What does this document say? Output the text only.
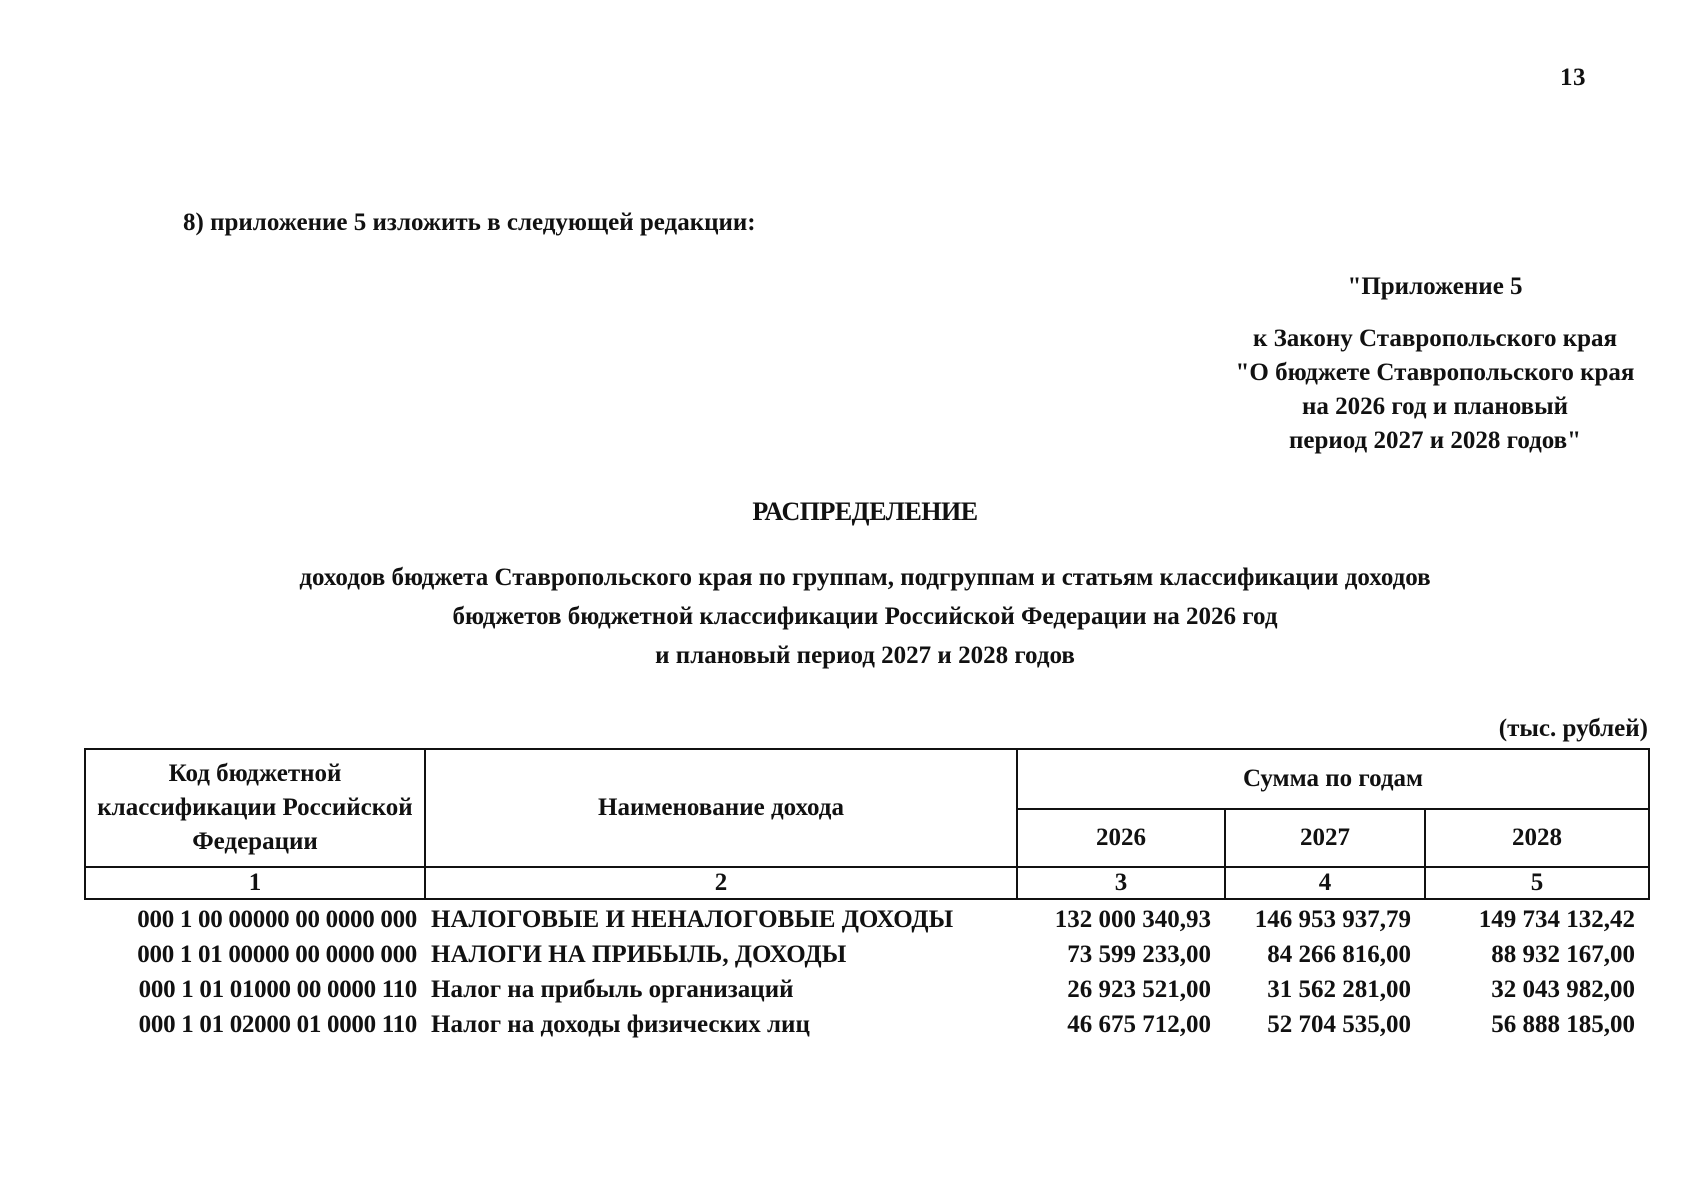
13
8) приложение 5 изложить в следующей редакции:
"Приложение 5
к Закону Ставропольского края
"О бюджете Ставропольского края
на 2026 год и плановый
период 2027 и 2028 годов"
РАСПРЕДЕЛЕНИЕ
доходов бюджета Ставропольского края по группам, подгруппам и статьям классификации доходов
бюджетов бюджетной классификации Российской Федерации на 2026 год
и плановый период 2027 и 2028 годов
(тыс. рублей)
Код бюджетной классификации Российской Федерации	Наименование дохода	Сумма по годам		
		2026	2027	2028
1	2	3	4	5
000 1 00 00000 00 0000 000	НАЛОГОВЫЕ И НЕНАЛОГОВЫЕ ДОХОДЫ	132 000 340,93	146 953 937,79	149 734 132,42
000 1 01 00000 00 0000 000	НАЛОГИ НА ПРИБЫЛЬ, ДОХОДЫ	73 599 233,00	84 266 816,00	88 932 167,00
000 1 01 01000 00 0000 110	Налог на прибыль организаций	26 923 521,00	31 562 281,00	32 043 982,00
000 1 01 02000 01 0000 110	Налог на доходы физических лиц	46 675 712,00	52 704 535,00	56 888 185,00
